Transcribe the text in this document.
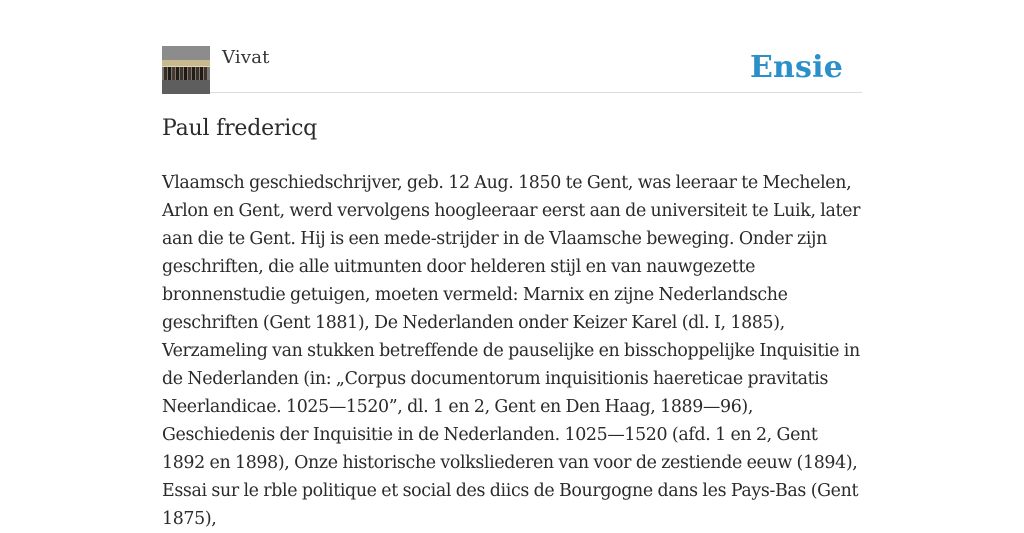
Vivat	Ensie
Paul fredericq

Vlaamsch geschiedschrijver, geb. 12 Aug. 1850 te Gent, was leeraar te Mechelen, Arlon en Gent, werd vervolgens hoogleeraar eerst aan de universiteit te Luik, later aan die te Gent. Hij is een mede-strijder in de Vlaamsche beweging. Onder zijn geschriften, die alle uitmunten door helderen stijl en van nauwgezette bronnenstudie getuigen, moeten vermeld: Marnix en zijne Nederlandsche geschriften (Gent 1881), De Nederlanden onder Keizer Karel (dl. I, 1885), Verzameling van stukken betreffende de pauselijke en bisschoppelijke Inquisitie in de Nederlanden (in: „Corpus documentorum inquisitionis haereticae pravitatis Neerlandicae. 1025—1520”, dl. 1 en 2, Gent en Den Haag, 1889—96), Geschiedenis der Inquisitie in de Nederlanden. 1025—1520 (afd. 1 en 2, Gent 1892 en 1898), Onze historische volksliederen van voor de zestiende eeuw (1894), Essai sur le rble politique et social des diics de Bourgogne dans les Pays-Bas (Gent 1875),
